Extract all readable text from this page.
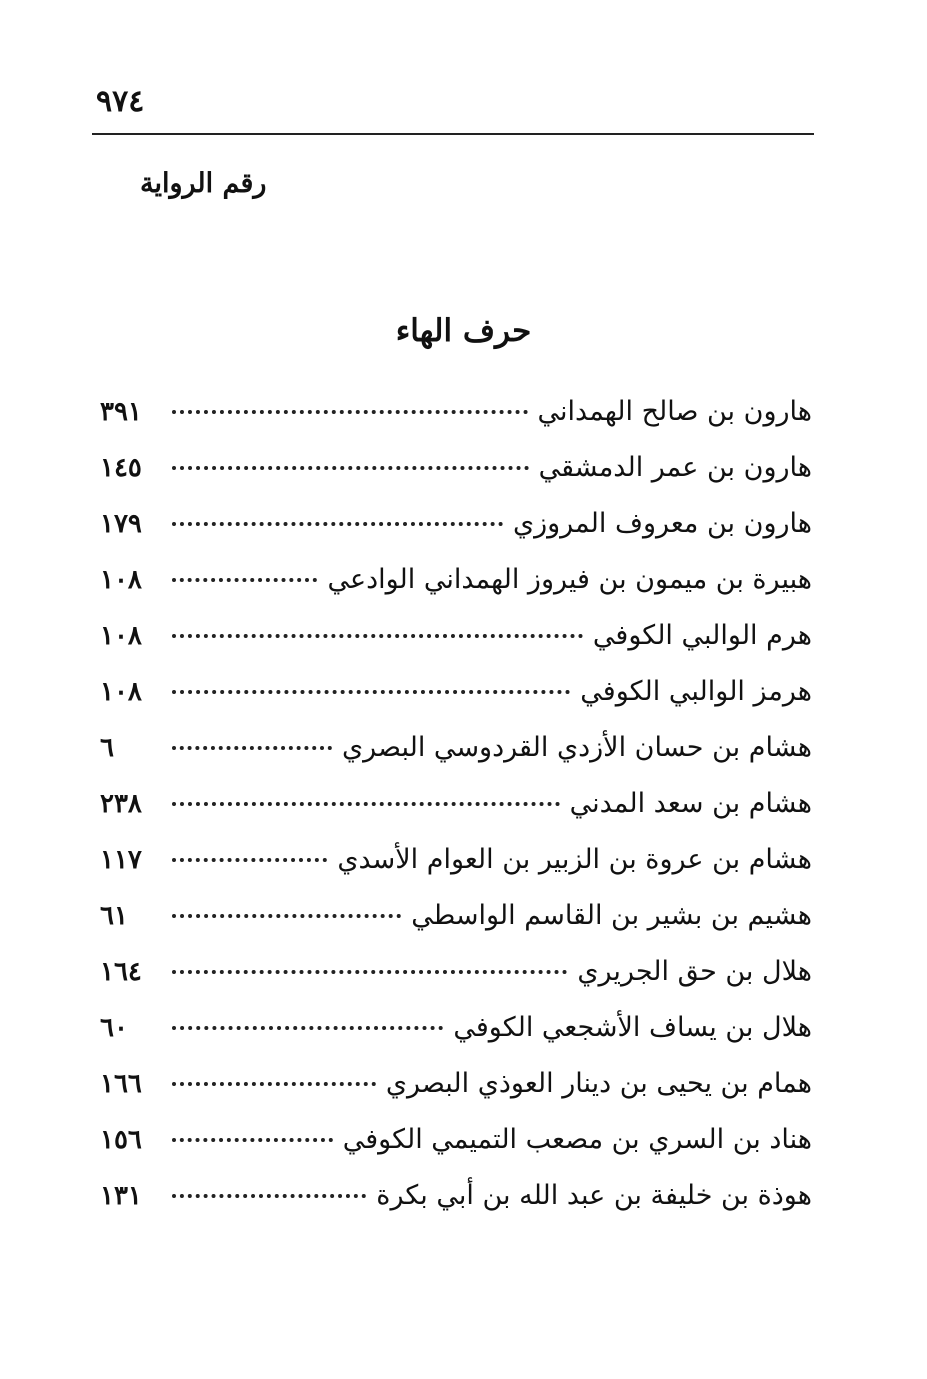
٩٧٤
رقم الرواية
حرف الهاء
هارون بن صالح الهمداني
٣٩١
هارون بن عمر الدمشقي
١٤٥
هارون بن معروف المروزي
١٧٩
هبيرة بن ميمون بن فيروز الهمداني الوادعي
١٠٨
هرم الوالبي الكوفي
١٠٨
هرمز الوالبي الكوفي
١٠٨
هشام بن حسان الأزدي القردوسي البصري
٦
هشام بن سعد المدني
٢٣٨
هشام بن عروة بن الزبير بن العوام الأسدي
١١٧
هشيم بن بشير بن القاسم الواسطي
٦١
هلال بن حق الجريري
١٦٤
هلال بن يساف الأشجعي الكوفي
٦٠
همام بن يحيى بن دينار العوذي البصري
١٦٦
هناد بن السري بن مصعب التميمي الكوفي
١٥٦
هوذة بن خليفة بن عبد الله بن أبي بكرة
١٣١
